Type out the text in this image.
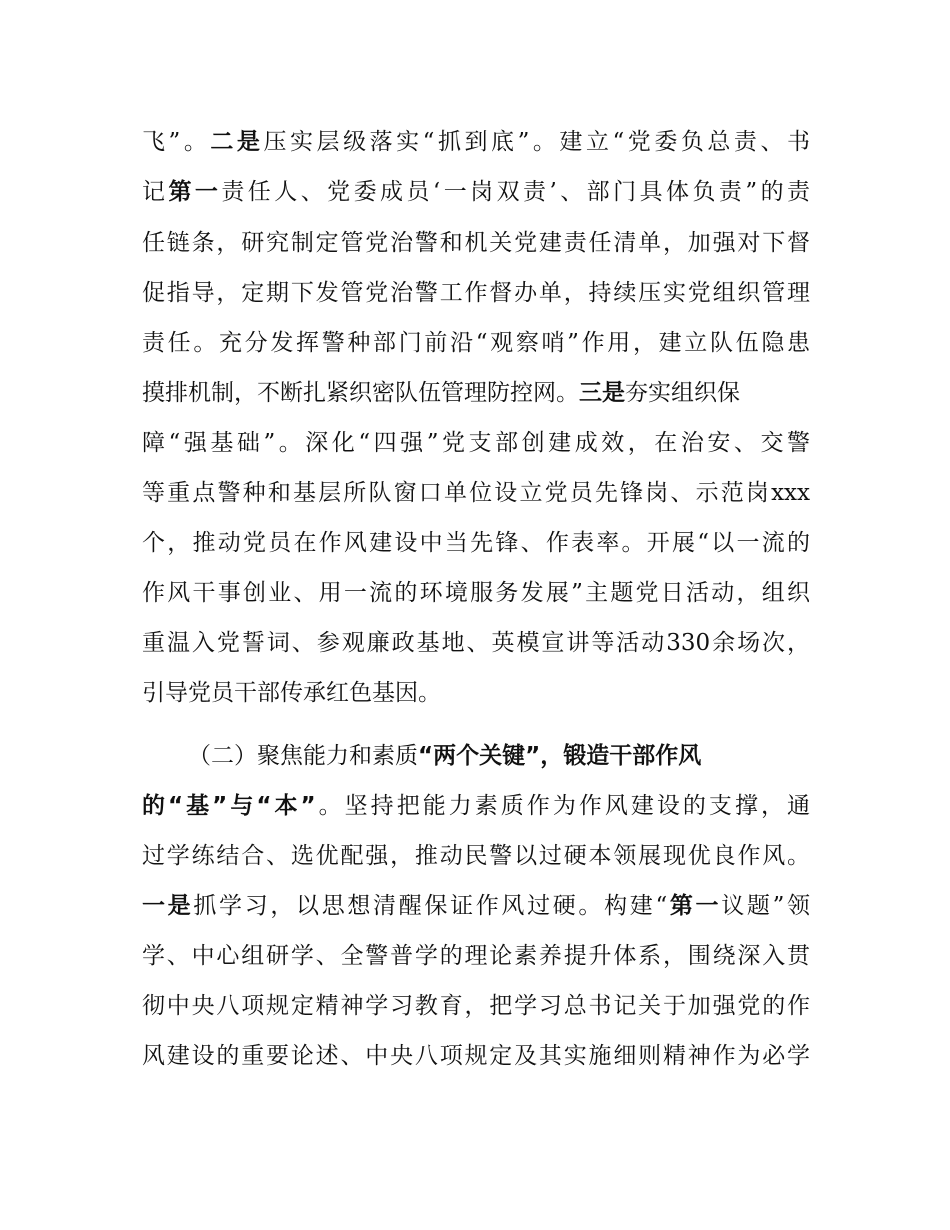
飞”。二是压实层级落实“抓到底”。建立“党委负总责、书
记第一责任人、党委成员‘一岗双责’、部门具体负责”的责
任链条，研究制定管党治警和机关党建责任清单，加强对下督
促指导，定期下发管党治警工作督办单，持续压实党组织管理
责任。充分发挥警种部门前沿“观察哨”作用，建立队伍隐患
摸排机制，不断扎紧织密队伍管理防控网。三是夯实组织保
障“强基础”。深化“四强”党支部创建成效，在治安、交警
等重点警种和基层所队窗口单位设立党员先锋岗、示范岗xxx
个，推动党员在作风建设中当先锋、作表率。开展“以一流的
作风干事创业、用一流的环境服务发展”主题党日活动，组织
重温入党誓词、参观廉政基地、英模宣讲等活动330余场次，
引导党员干部传承红色基因。
（二）聚焦能力和素质“两个关键”，锻造干部作风
的“基”与“本”。坚持把能力素质作为作风建设的支撑，通
过学练结合、选优配强，推动民警以过硬本领展现优良作风。
一是抓学习，以思想清醒保证作风过硬。构建“第一议题”领
学、中心组研学、全警普学的理论素养提升体系，围绕深入贯
彻中央八项规定精神学习教育，把学习总书记关于加强党的作
风建设的重要论述、中央八项规定及其实施细则精神作为必学
